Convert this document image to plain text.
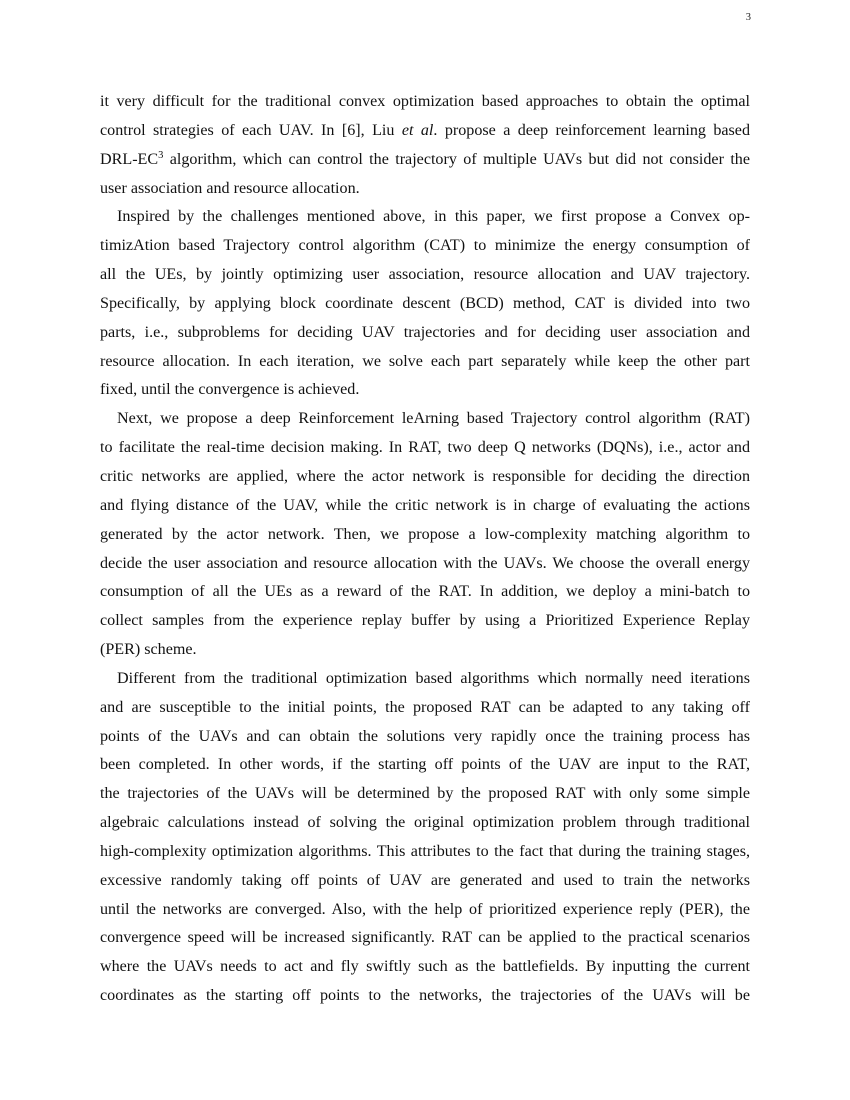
3
it very difficult for the traditional convex optimization based approaches to obtain the optimal
control strategies of each UAV. In [6], Liu et al. propose a deep reinforcement learning based
DRL-$EC^3$ algorithm, which can control the trajectory of multiple UAVs but did not consider the
user association and resource allocation.
Inspired by the challenges mentioned above, in this paper, we first propose a Convex op-
timizAtion based Trajectory control algorithm (CAT) to minimize the energy consumption of
all the UEs, by jointly optimizing user association, resource allocation and UAV trajectory.
Specifically, by applying block coordinate descent (BCD) method, CAT is divided into two
parts, i.e., subproblems for deciding UAV trajectories and for deciding user association and
resource allocation. In each iteration, we solve each part separately while keep the other part
fixed, until the convergence is achieved.
Next, we propose a deep Reinforcement leArning based Trajectory control algorithm (RAT)
to facilitate the real-time decision making. In RAT, two deep Q networks (DQNs), i.e., actor and
critic networks are applied, where the actor network is responsible for deciding the direction
and flying distance of the UAV, while the critic network is in charge of evaluating the actions
generated by the actor network. Then, we propose a low-complexity matching algorithm to
decide the user association and resource allocation with the UAVs. We choose the overall energy
consumption of all the UEs as a reward of the RAT. In addition, we deploy a mini-batch to
collect samples from the experience replay buffer by using a Prioritized Experience Replay
(PER) scheme.
Different from the traditional optimization based algorithms which normally need iterations
and are susceptible to the initial points, the proposed RAT can be adapted to any taking off
points of the UAVs and can obtain the solutions very rapidly once the training process has
been completed. In other words, if the starting off points of the UAV are input to the RAT,
the trajectories of the UAVs will be determined by the proposed RAT with only some simple
algebraic calculations instead of solving the original optimization problem through traditional
high-complexity optimization algorithms. This attributes to the fact that during the training stages,
excessive randomly taking off points of UAV are generated and used to train the networks
until the networks are converged. Also, with the help of prioritized experience reply (PER), the
convergence speed will be increased significantly. RAT can be applied to the practical scenarios
where the UAVs needs to act and fly swiftly such as the battlefields. By inputting the current
coordinates as the starting off points to the networks, the trajectories of the UAVs will be
